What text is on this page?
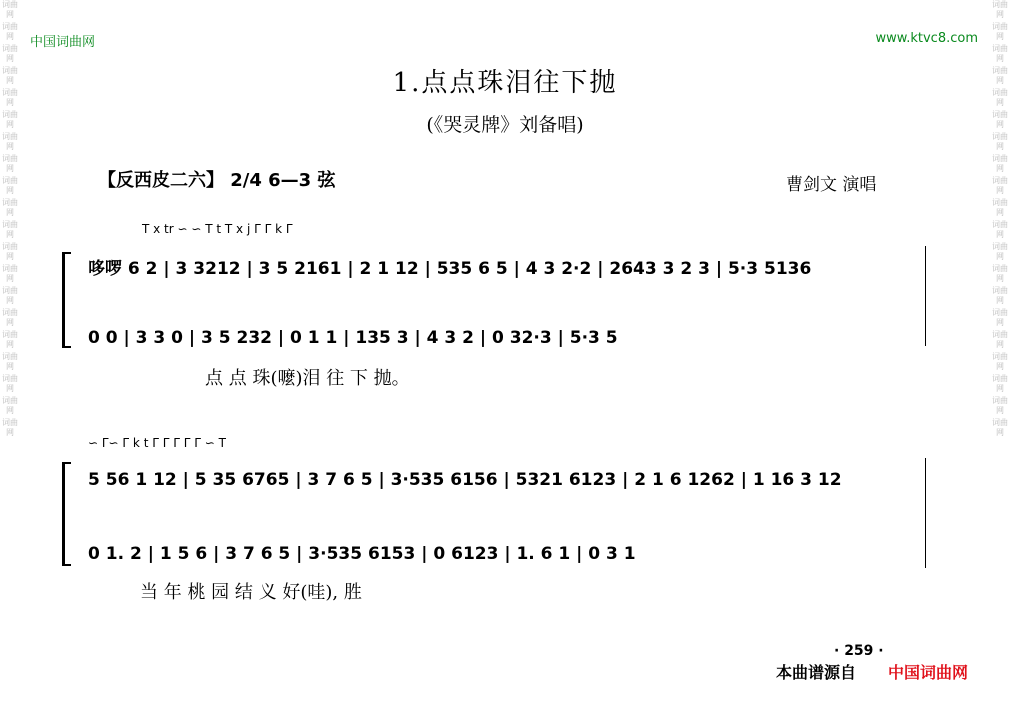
词曲网
词曲网
词曲网
词曲网
词曲网
词曲网
词曲网
词曲网
词曲网
词曲网
词曲网
词曲网
词曲网
词曲网
词曲网
词曲网
词曲网
词曲网
词曲网
词曲网
词曲网
词曲网
词曲网
词曲网
词曲网
词曲网
词曲网
词曲网
词曲网
词曲网
词曲网
词曲网
词曲网
词曲网
词曲网
词曲网
词曲网
词曲网
词曲网
词曲网
中国词曲网	www.ktvc8.com
1.点点珠泪往下抛
(《哭灵牌》刘备唱)
【反西皮二六】 2/4 6—3 弦	曹剑文 演唱
T x tr ∽ ∽ T t T x j Γ Γ k Γ
哆啰 6 2 | 3 3212 | 3 5 2161 | 2 1 12 | 535 6 5 | 4 3 2·2 | 2643 3 2 3 | 5·3 5136
0 0 | 3 3 0 | 3 5 232 | 0 1 1 | 135 3 | 4 3 2 | 0 32·3 | 5·3 5
点 点 珠(嚒)泪 往 下 抛。
∽ Γ∽ Γ k t Γ Γ Γ Γ Γ ∽ T
5 56 1 12 | 5 35 6765 | 3 7 6 5 | 3·535 6156 | 5321 6123 | 2 1 6 1262 | 1 16 3 12
0 1. 2 | 1 5 6 | 3 7 6 5 | 3·535 6153 | 0 6123 | 1. 6 1 | 0 3 1
当 年 桃 园 结 义 好(哇), 胜
· 259 ·
本曲谱源自 中国词曲网
